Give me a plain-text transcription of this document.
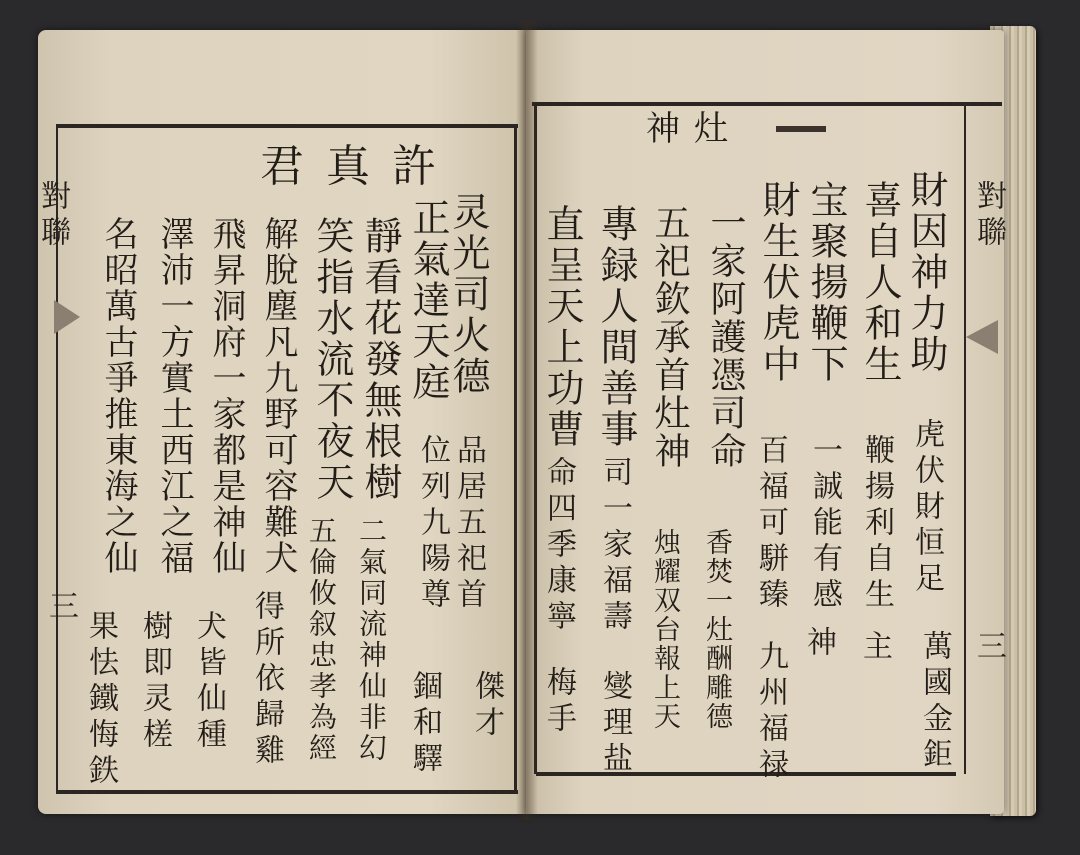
對聯
三
許真君
灵光司火德
正氣達天庭
靜看花發無根樹
笑指水流不夜天
解脫塵凡九野可容難犬
飛昇洞府一家都是神仙
澤沛一方實土西江之福
名昭萬古爭推東海之仙
傑才
品居五祀首
位列九陽尊
錮和驛
二氣同流神仙非幻
五倫攸叙忠孝為經
得所依歸雞
犬皆仙種
樹即灵槎
果怯鐵悔鉄
灶神
對聯
三
財因神力助
喜自人和生
宝聚揚鞭下
財生伏虎中
一家阿護憑司命
五祀欽承首灶神
專録人間善事
直呈天上功曹
萬國金鉅
主
虎伏財恒足
鞭揚利自生
神
一誠能有感
百福可駢臻
九州福禄
香焚一灶酬雕德
烛耀双台報上天
司一家福壽
命四季康寧
燮理盐
梅手
